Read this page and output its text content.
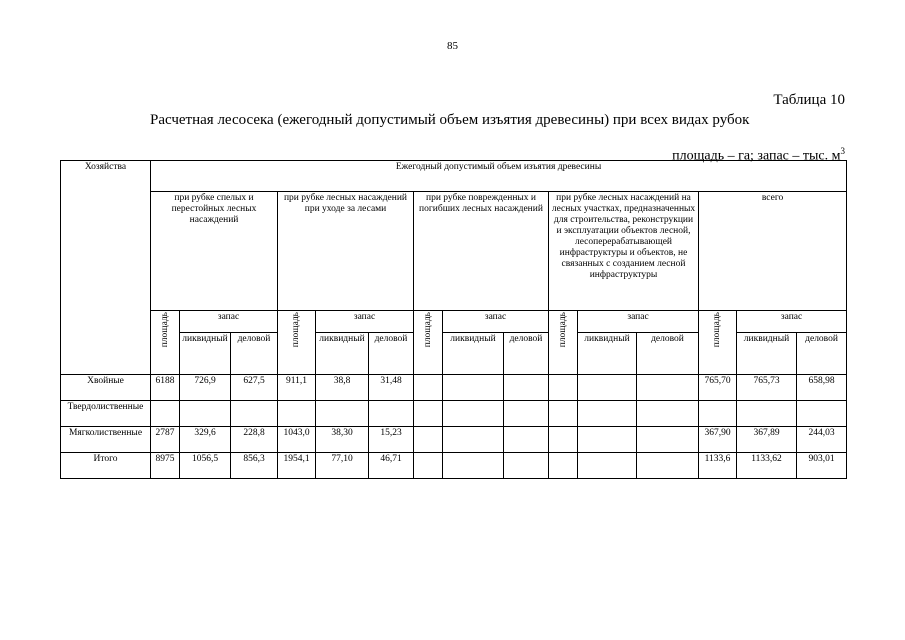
85
Таблица 10
Расчетная лесосека (ежегодный допустимый объем изъятия древесины) при всех видах рубок
площадь – га; запас – тыс. $м^3$
Хозяйства	Ежегодный допустимый объем изъятия древесины														
	при рубке спелых и перестойных лесных насаждений			при рубке лесных насаждений при уходе за лесами			при рубке поврежденных и погибших лесных насаждений			при рубке лесных насаждений на лесных участках, предназначенных для строительства, реконструкции и эксплуатации объектов лесной, лесоперерабатывающей инфраструктуры и объектов, не связанных с созданием лесной инфраструктуры			всего		
	площадь	запас		площадь	запас		площадь	запас		площадь	запас		площадь	запас	
		ликвидный	деловой		ликвидный	деловой		ликвидный	деловой		ликвидный	деловой		ликвидный	деловой
Хвойные	6188	726,9	627,5	911,1	38,8	31,48							765,70	765,73	658,98
Твердолиственные															
Мягколиственные	2787	329,6	228,8	1043,0	38,30	15,23							367,90	367,89	244,03
Итого	8975	1056,5	856,3	1954,1	77,10	46,71							1133,6	1133,62	903,01
